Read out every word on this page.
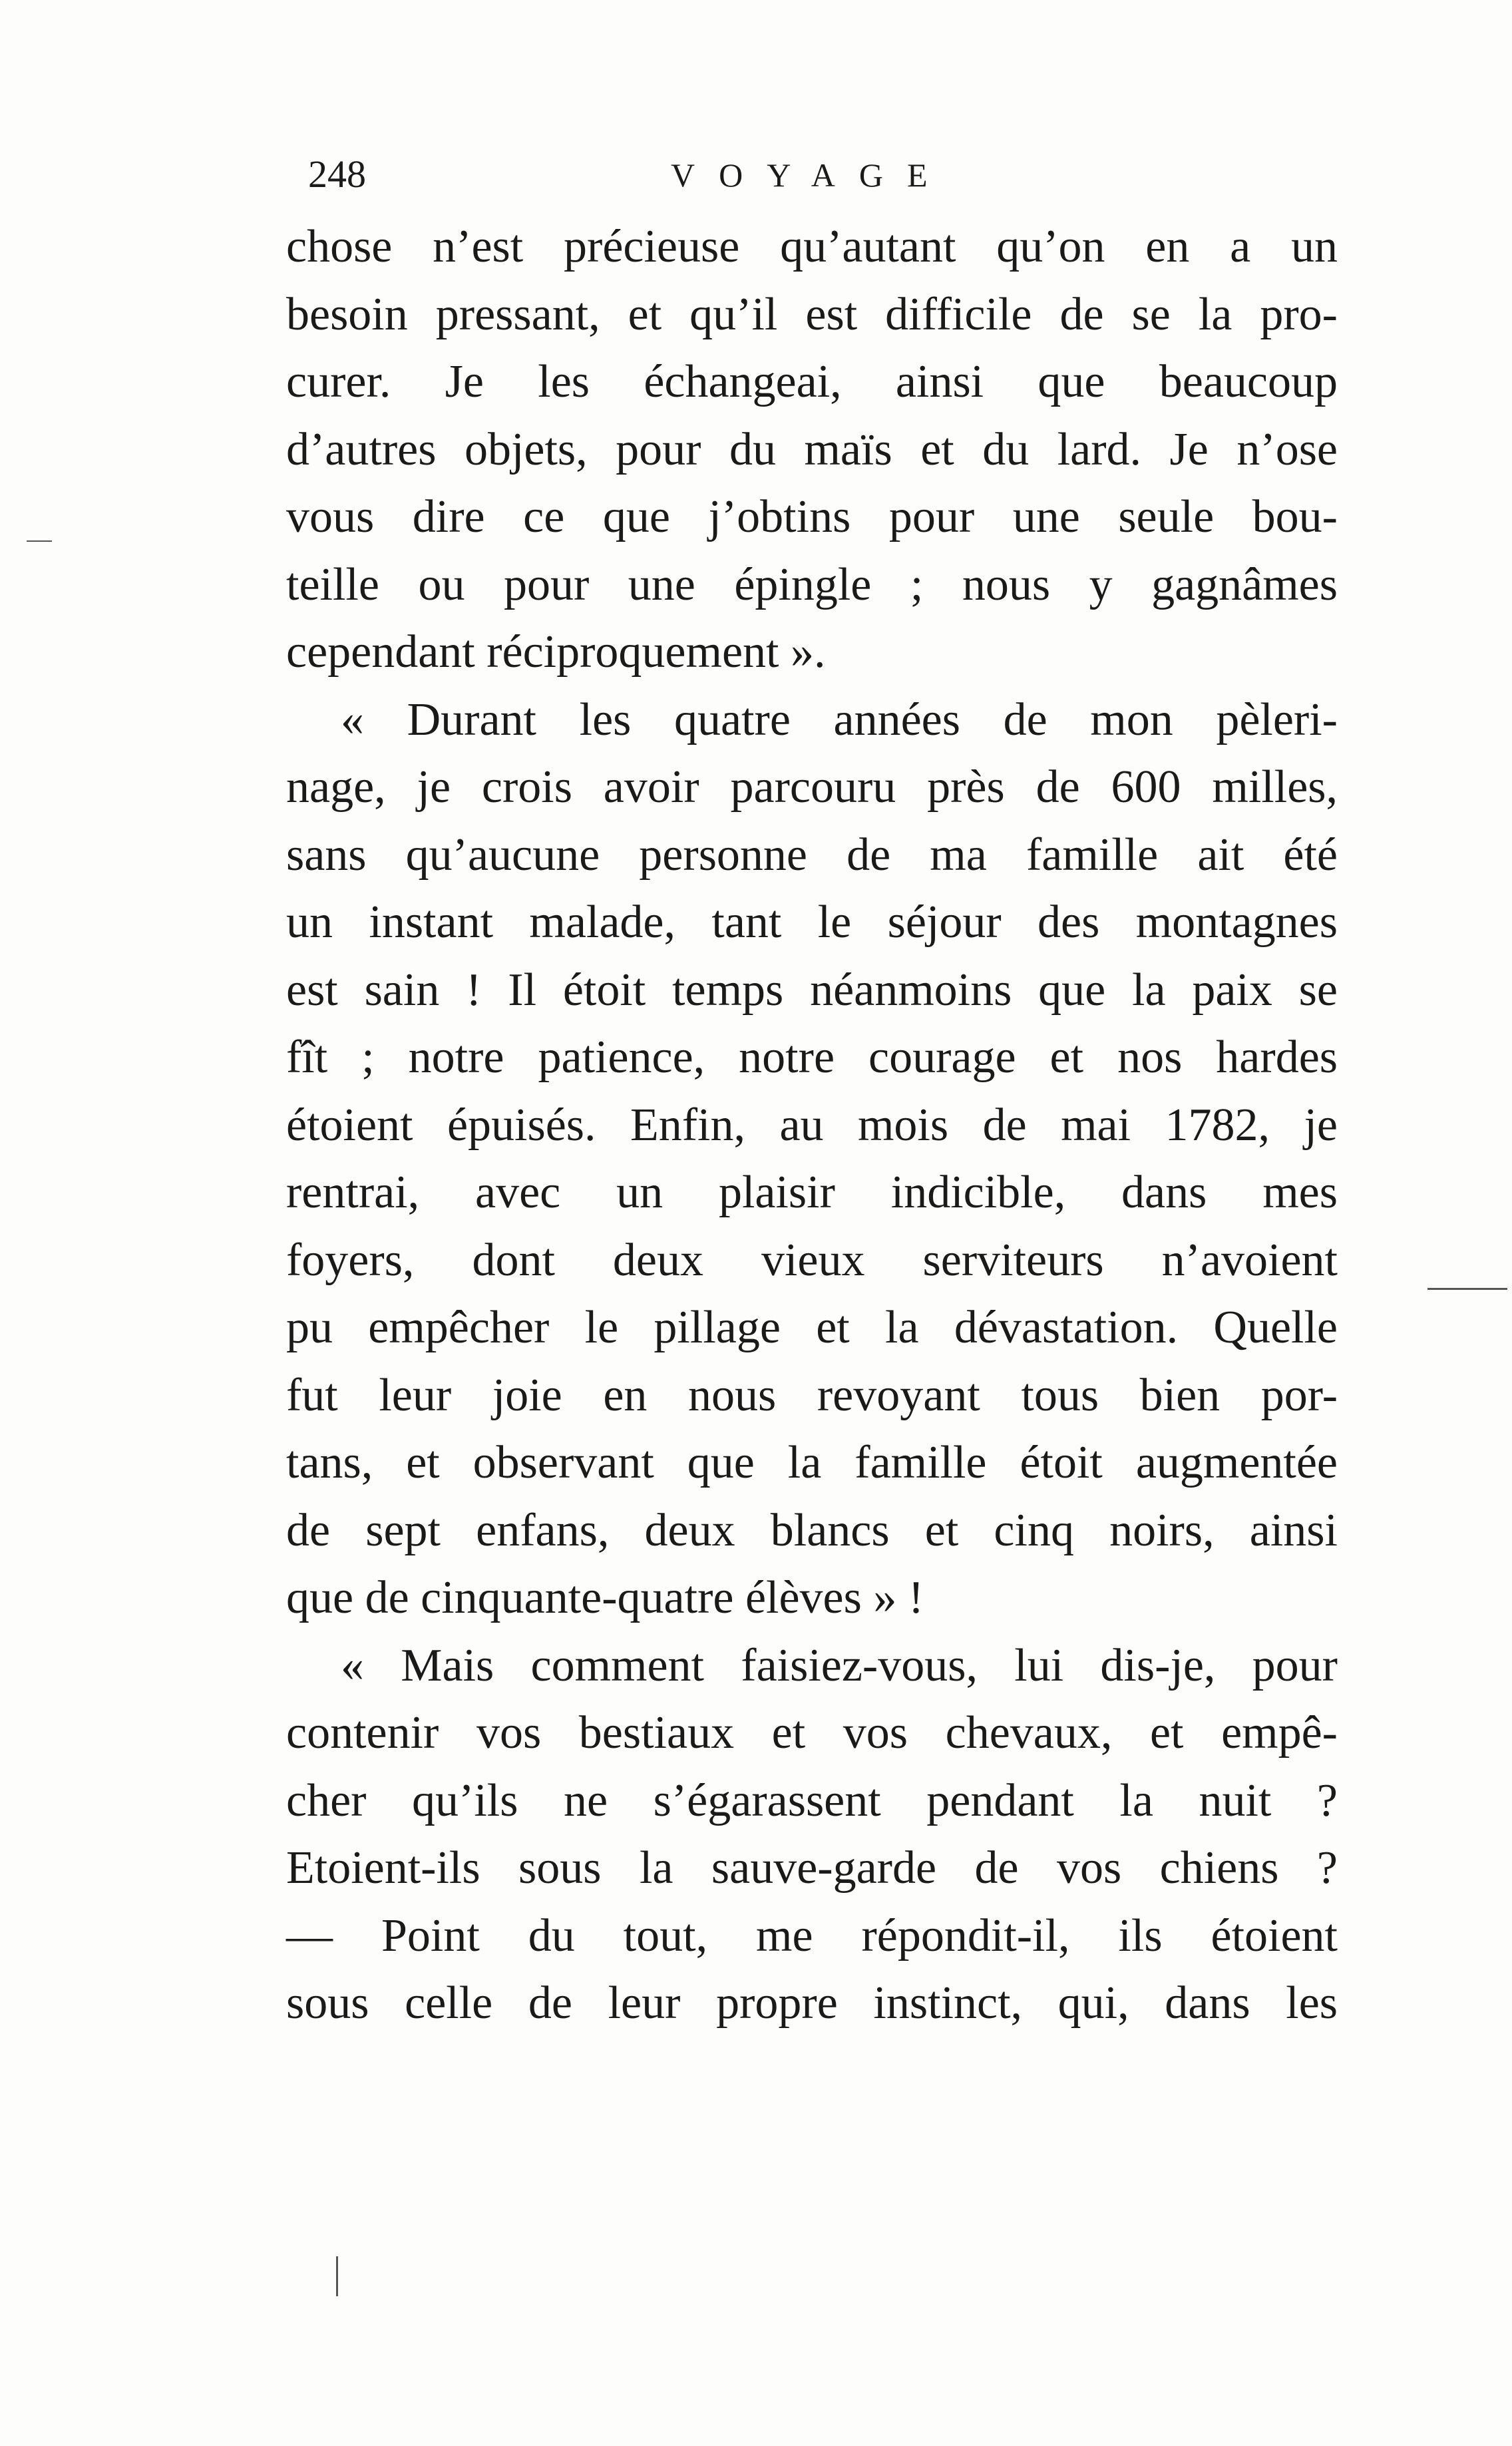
248	VOYAGE
chose n’est précieuse qu’autant qu’on en a un
besoin pressant, et qu’il est difficile de se la pro-
curer. Je les échangeai, ainsi que beaucoup
d’autres objets, pour du maïs et du lard. Je n’ose
vous dire ce que j’obtins pour une seule bou-
teille ou pour une épingle ; nous y gagnâmes
cependant réciproquement ».
« Durant les quatre années de mon pèleri-
nage, je crois avoir parcouru près de 600 milles,
sans qu’aucune personne de ma famille ait été
un instant malade, tant le séjour des montagnes
est sain ! Il étoit temps néanmoins que la paix se
fît ; notre patience, notre courage et nos hardes
étoient épuisés. Enfin, au mois de mai 1782, je
rentrai, avec un plaisir indicible, dans mes
foyers, dont deux vieux serviteurs n’avoient
pu empêcher le pillage et la dévastation. Quelle
fut leur joie en nous revoyant tous bien por-
tans, et observant que la famille étoit augmentée
de sept enfans, deux blancs et cinq noirs, ainsi
que de cinquante-quatre élèves » !
« Mais comment faisiez-vous, lui dis-je, pour
contenir vos bestiaux et vos chevaux, et empê-
cher qu’ils ne s’égarassent pendant la nuit ?
Etoient-ils sous la sauve-garde de vos chiens ?
— Point du tout, me répondit-il, ils étoient
sous celle de leur propre instinct, qui, dans les
